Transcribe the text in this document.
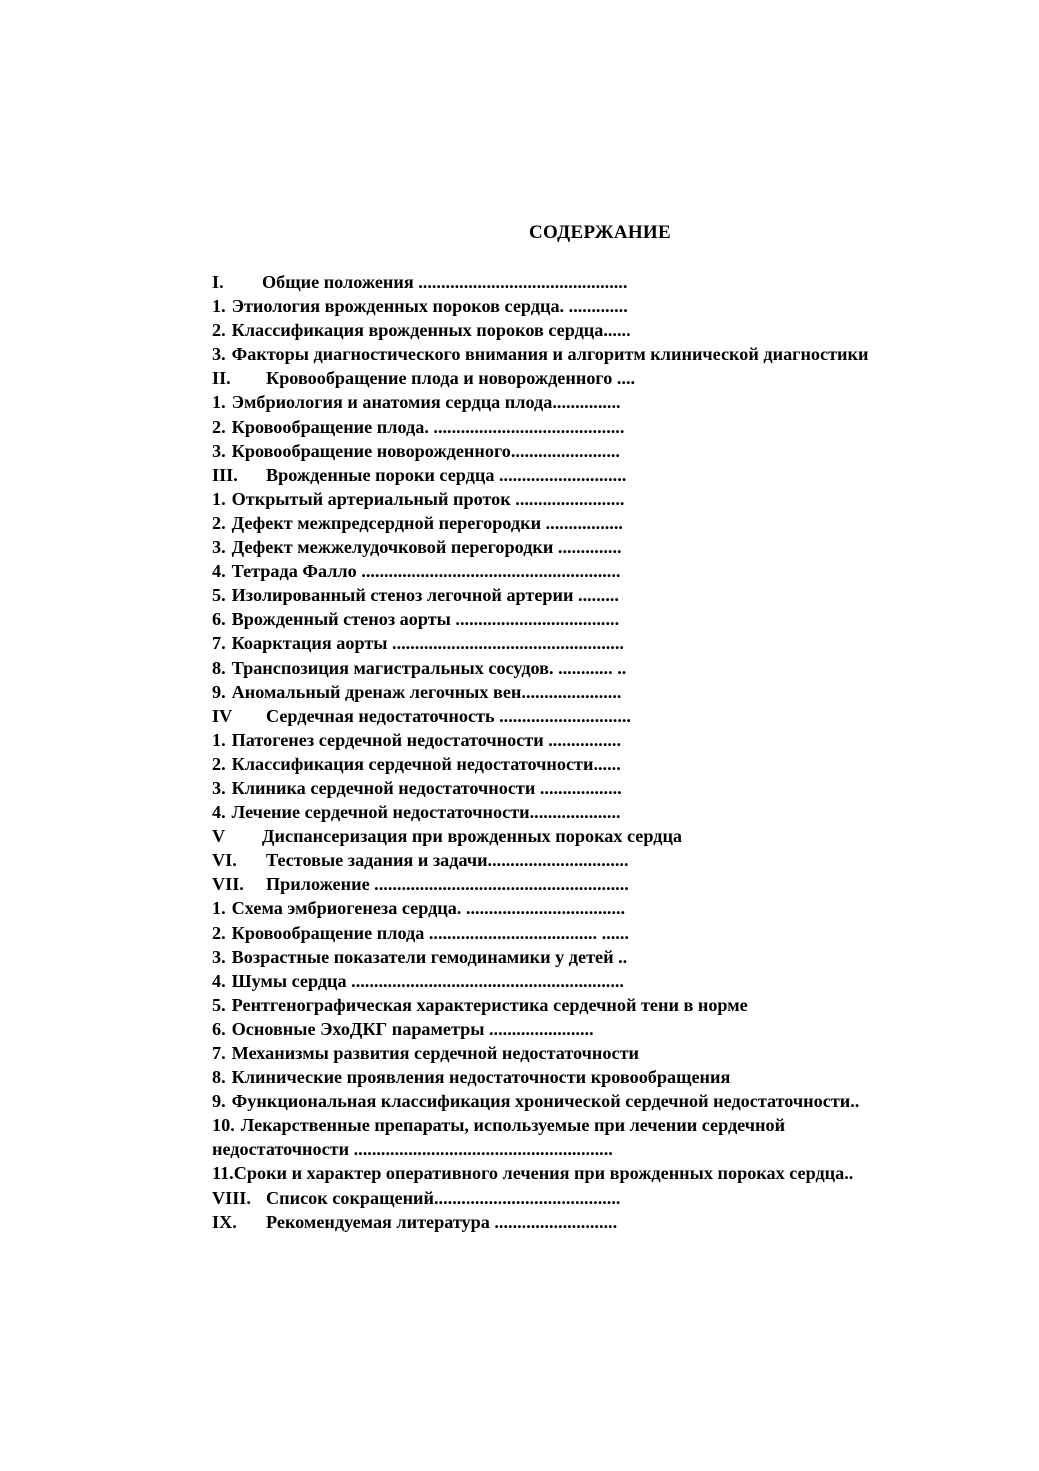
СОДЕРЖАНИЕ
I. Общие положения ..............................................
1. Этиология врожденных пороков сердца. .............
2. Классификация врожденных пороков сердца......
3. Факторы диагностического внимания и алгоритм клинической диагностики
II. Кровообращение плода и новорожденного ....
1. Эмбриология и анатомия сердца плода...............
2. Кровообращение плода. ..........................................
3. Кровообращение новорожденного........................
III. Врожденные пороки сердца ............................
1. Открытый артериальный проток ........................
2. Дефект межпредсердной перегородки .................
3. Дефект межжелудочковой перегородки ..............
4. Тетрада Фалло .........................................................
5. Изолированный стеноз легочной артерии .........
6. Врожденный стеноз аорты ....................................
7. Коарктация аорты ...................................................
8. Транспозиция магистральных сосудов. ............ ..
9. Аномальный дренаж легочных вен......................
IV Сердечная недостаточность .............................
1. Патогенез сердечной недостаточности ................
2. Классификация сердечной недостаточности......
3. Клиника сердечной недостаточности ..................
4. Лечение сердечной недостаточности....................
V Диспансеризация при врожденных пороках сердца
VI. Тестовые задания и задачи...............................
VII. Приложение ........................................................
1. Схема эмбриогенеза сердца. ...................................
2. Кровообращение плода ..................................... ......
3. Возрастные показатели гемодинамики у детей ..
4. Шумы сердца ............................................................
5. Рентгенографическая характеристика сердечной тени в норме
6. Основные ЭхоДКГ параметры .......................
7. Механизмы развития сердечной недостаточности
8. Клинические проявления недостаточности кровообращения
9. Функциональная классификация хронической сердечной недостаточности..
10. Лекарственные препараты, используемые при лечении сердечной
недостаточности .........................................................
11.Сроки и характер оперативного лечения при врожденных пороках сердца..
VIII. Список сокращений.........................................
IX. Рекомендуемая литература ...........................
